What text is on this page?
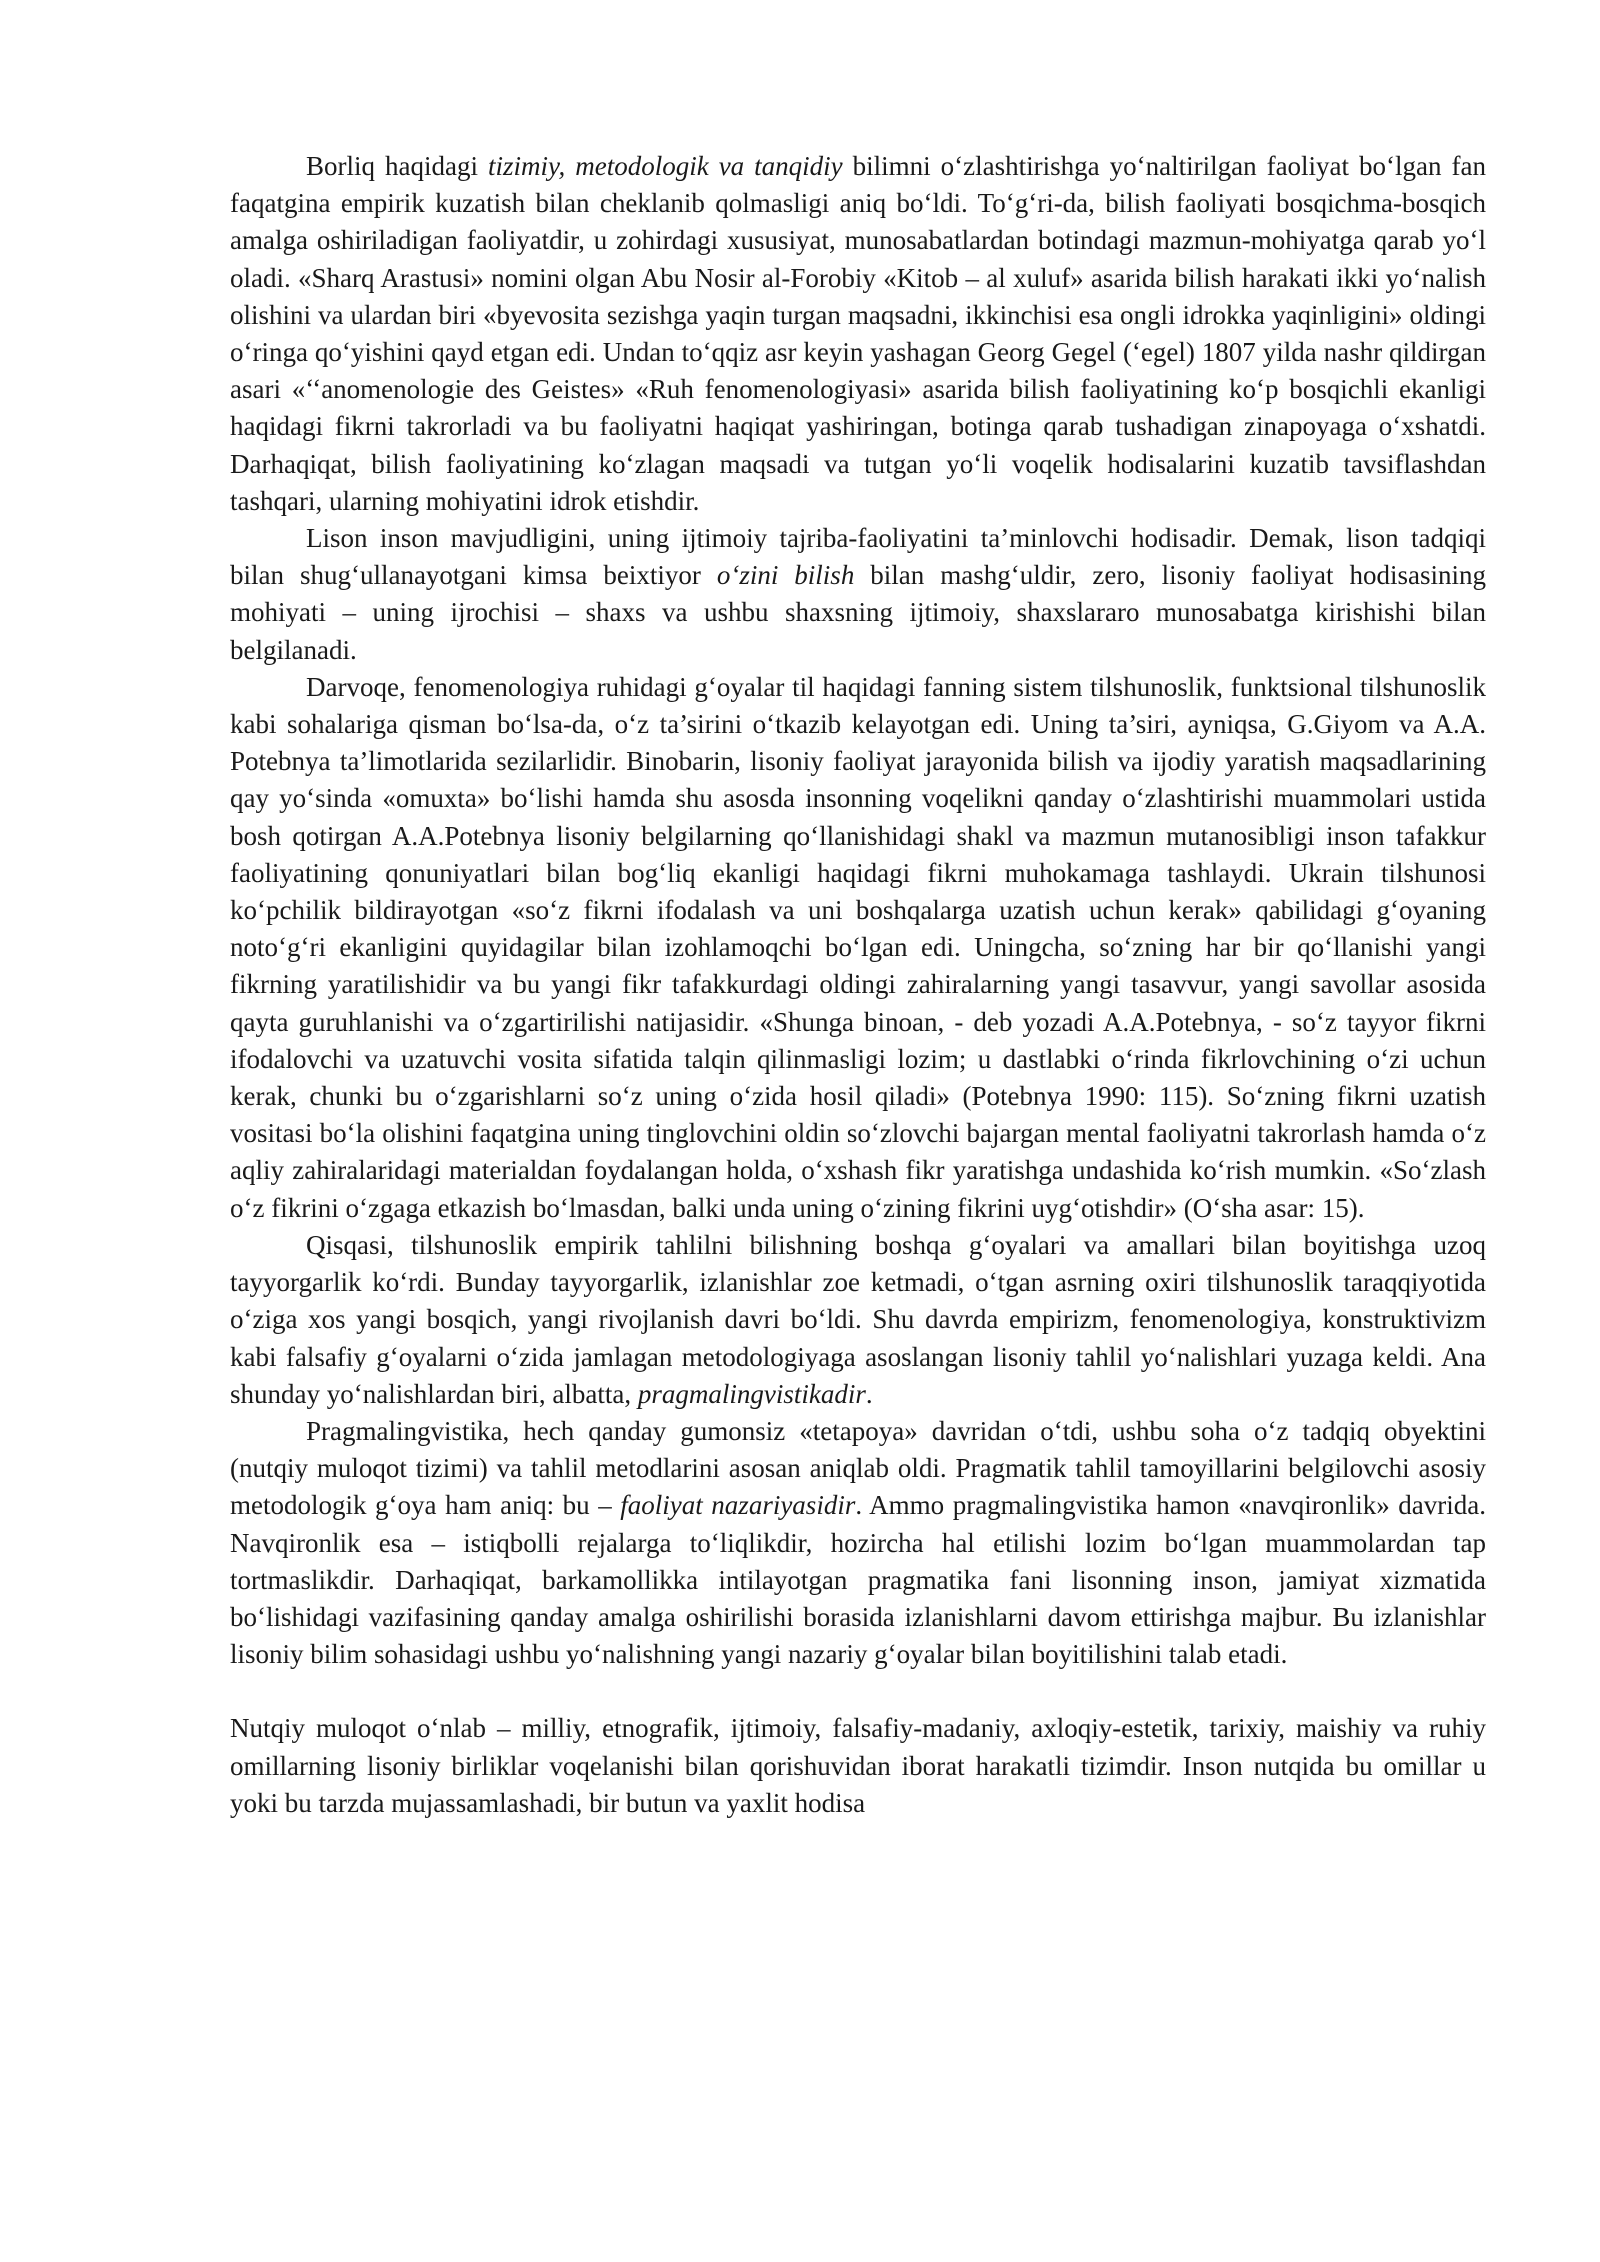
Borliq haqidagi tizimiy, metodologik va tanqidiy bilimni o‘zlashtirishga yo‘naltirilgan faoliyat bo‘lgan fan faqatgina empirik kuzatish bilan cheklanib qolmasligi aniq bo‘ldi. To‘g‘ri-da, bilish faoliyati bosqichma-bosqich amalga oshiriladigan faoliyatdir, u zohirdagi xususiyat, munosabatlardan botindagi mazmun-mohiyatga qarab yo‘l oladi. «Sharq Arastusi» nomini olgan Abu Nosir al-Forobiy «Kitob – al xuluf» asarida bilish harakati ikki yo‘nalish olishini va ulardan biri «byevosita sezishga yaqin turgan maqsadni, ikkinchisi esa ongli idrokka yaqinligini» oldingi o‘ringa qo‘yishini qayd etgan edi. Undan to‘qqiz asr keyin yashagan Georg Gegel (‘egel) 1807 yilda nashr qildirgan asari «‘‘anomenologie des Geistes» «Ruh fenomenologiyasi» asarida bilish faoliyatining ko‘p bosqichli ekanligi haqidagi fikrni takrorladi va bu faoliyatni haqiqat yashiringan, botinga qarab tushadigan zinapoyaga o‘xshatdi. Darhaqiqat, bilish faoliyatining ko‘zlagan maqsadi va tutgan yo‘li voqelik hodisalarini kuzatib tavsiflashdan tashqari, ularning mohiyatini idrok etishdir.

Lison inson mavjudligini, uning ijtimoiy tajriba-faoliyatini ta’minlovchi hodisadir. Demak, lison tadqiqi bilan shug‘ullanayotgani kimsa beixtiyor o‘zini bilish bilan mashg‘uldir, zero, lisoniy faoliyat hodisasining mohiyati – uning ijrochisi – shaxs va ushbu shaxsning ijtimoiy, shaxslararo munosabatga kirishishi bilan belgilanadi.

Darvoqe, fenomenologiya ruhidagi g‘oyalar til haqidagi fanning sistem tilshunoslik, funktsional tilshunoslik kabi sohalariga qisman bo‘lsa-da, o‘z ta’sirini o‘tkazib kelayotgan edi. Uning ta’siri, ayniqsa, G.Giyom va A.A. Potebnya ta’limotlarida sezilarlidir. Binobarin, lisoniy faoliyat jarayonida bilish va ijodiy yaratish maqsadlarining qay yo‘sinda «omuxta» bo‘lishi hamda shu asosda insonning voqelikni qanday o‘zlashtirishi muammolari ustida bosh qotirgan A.A.Potebnya lisoniy belgilarning qo‘llanishidagi shakl va mazmun mutanosibligi inson tafakkur faoliyatining qonuniyatlari bilan bog‘liq ekanligi haqidagi fikrni muhokamaga tashlaydi. Ukrain tilshunosi ko‘pchilik bildirayotgan «so‘z fikrni ifodalash va uni boshqalarga uzatish uchun kerak» qabilidagi g‘oyaning noto‘g‘ri ekanligini quyidagilar bilan izohlamoqchi bo‘lgan edi. Uningcha, so‘zning har bir qo‘llanishi yangi fikrning yaratilishidir va bu yangi fikr tafakkurdagi oldingi zahiralarning yangi tasavvur, yangi savollar asosida qayta guruhlanishi va o‘zgartirilishi natijasidir. «Shunga binoan, - deb yozadi A.A.Potebnya, - so‘z tayyor fikrni ifodalovchi va uzatuvchi vosita sifatida talqin qilinmasligi lozim; u dastlabki o‘rinda fikrlovchining o‘zi uchun kerak, chunki bu o‘zgarishlarni so‘z uning o‘zida hosil qiladi» (Potebnya 1990: 115). So‘zning fikrni uzatish vositasi bo‘la olishini faqatgina uning tinglovchini oldin so‘zlovchi bajargan mental faoliyatni takrorlash hamda o‘z aqliy zahiralaridagi materialdan foydalangan holda, o‘xshash fikr yaratishga undashida ko‘rish mumkin. «So‘zlash o‘z fikrini o‘zgaga etkazish bo‘lmasdan, balki unda uning o‘zining fikrini uyg‘otishdir» (O‘sha asar: 15).

Qisqasi, tilshunoslik empirik tahlilni bilishning boshqa g‘oyalari va amallari bilan boyitishga uzoq tayyorgarlik ko‘rdi. Bunday tayyorgarlik, izlanishlar zoe ketmadi, o‘tgan asrning oxiri tilshunoslik taraqqiyotida o‘ziga xos yangi bosqich, yangi rivojlanish davri bo‘ldi. Shu davrda empirizm, fenomenologiya, konstruktivizm kabi falsafiy g‘oyalarni o‘zida jamlagan metodologiyaga asoslangan lisoniy tahlil yo‘nalishlari yuzaga keldi. Ana shunday yo‘nalishlardan biri, albatta, pragmalingvistikadir.

Pragmalingvistika, hech qanday gumonsiz «tetapoya» davridan o‘tdi, ushbu soha o‘z tadqiq obyektini (nutqiy muloqot tizimi) va tahlil metodlarini asosan aniqlab oldi. Pragmatik tahlil tamoyillarini belgilovchi asosiy metodologik g‘oya ham aniq: bu – faoliyat nazariyasidir. Ammo pragmalingvistika hamon «navqironlik» davrida. Navqironlik esa – istiqbolli rejalarga to‘liqlikdir, hozircha hal etilishi lozim bo‘lgan muammolardan tap tortmaslikdir. Darhaqiqat, barkamollikka intilayotgan pragmatika fani lisonning inson, jamiyat xizmatida bo‘lishidagi vazifasining qanday amalga oshirilishi borasida izlanishlarni davom ettirishga majbur. Bu izlanishlar lisoniy bilim sohasidagi ushbu yo‘nalishning yangi nazariy g‘oyalar bilan boyitilishini talab etadi.

Nutqiy muloqot o‘nlab – milliy, etnografik, ijtimoiy, falsafiy-madaniy, axloqiy-estetik, tarixiy, maishiy va ruhiy omillarning lisoniy birliklar voqelanishi bilan qorishuvidan iborat harakatli tizimdir. Inson nutqida bu omillar u yoki bu tarzda mujassamlashadi, bir butun va yaxlit hodisa
